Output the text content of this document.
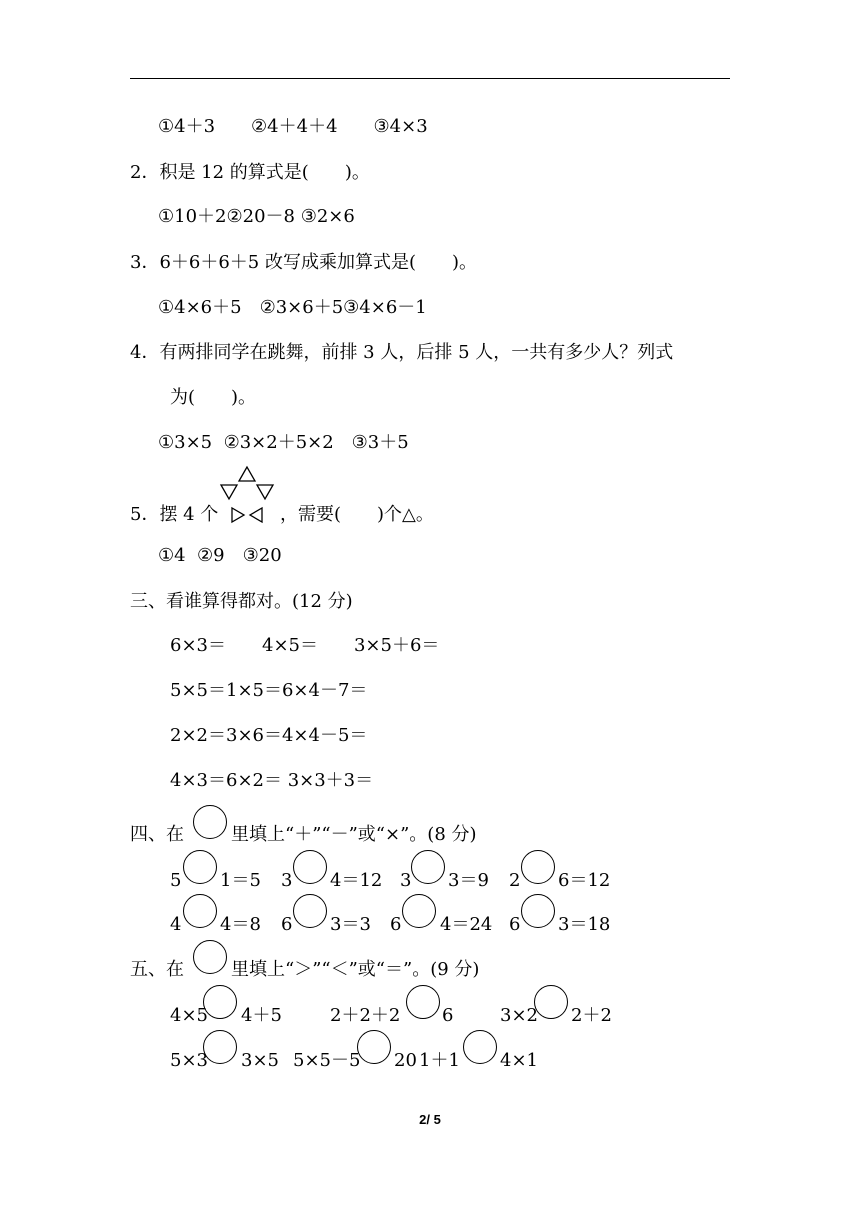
①4＋3　　②4＋4＋4　　③4×3
2．积是 12 的算式是(　　)。
①10＋2②20－8 ③2×6
3．6＋6＋6＋5 改写成乘加算式是(　　)。
①4×6＋5　②3×6＋5③4×6－1
4．有两排同学在跳舞，前排 3 人，后排 5 人，一共有多少人？列式
为(　　)。
①3×5  ②3×2＋5×2　③3＋5
5．摆 4 个	，需要(　　)个△。
①4  ②9　③20
三、看谁算得都对。(12 分)
6×3＝　　4×5＝　　3×5＋6＝
5×5＝1×5＝6×4－7＝
2×2＝3×6＝4×4－5＝
4×3＝6×2＝ 3×3＋3＝
四、在	里填上“＋”“－”或“×”。(8 分)
5 1＝5 3 4＝12 3 3＝9 2 6＝12
4 4＝8 6 3＝3 6 4＝24 6 3＝18
五、在	里填上“＞”“＜”或“＝”。(9 分)
4×5 4＋5	2＋2＋2 6	3×2 2＋2
5×3 3×5 5×5－5 20 1＋1 4×1
2/ 5
